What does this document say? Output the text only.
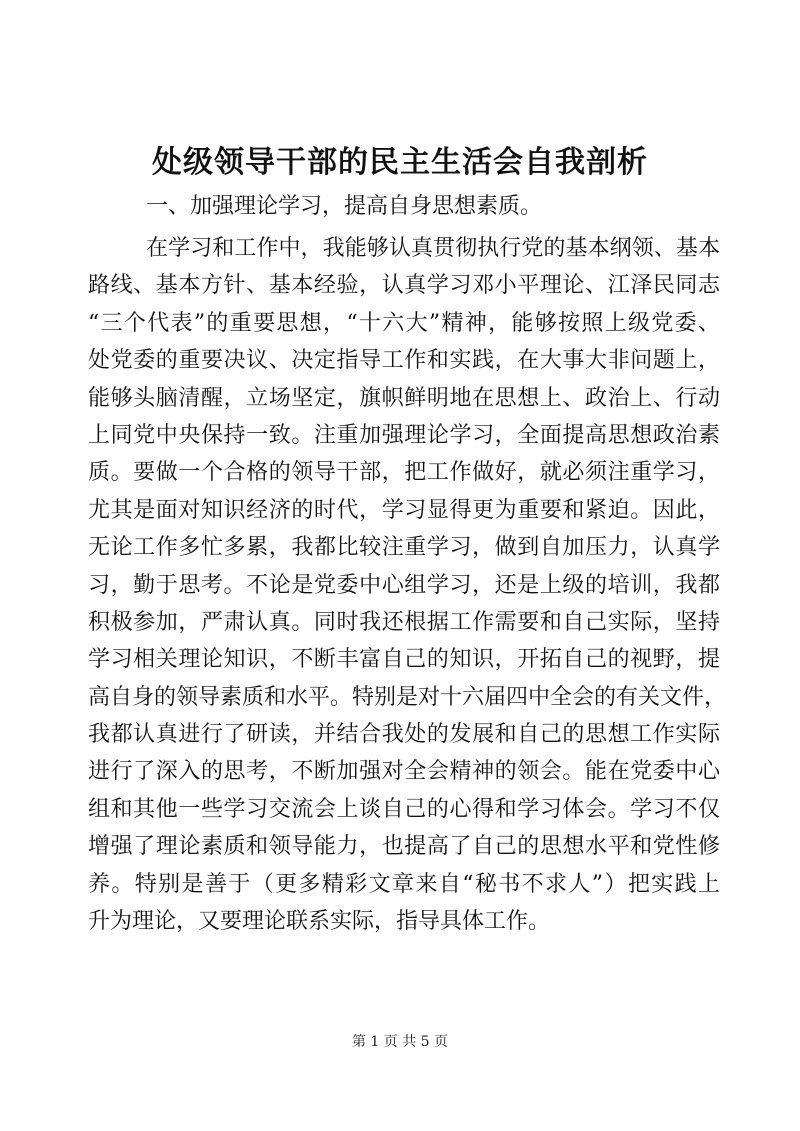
处级领导干部的民主生活会自我剖析

一、加强理论学习，提高自身思想素质。

在学习和工作中，我能够认真贯彻执行党的基本纲领、基本
路线、基本方针、基本经验，认真学习邓小平理论、江泽民同志
“三个代表”的重要思想，“十六大”精神，能够按照上级党委、
处党委的重要决议、决定指导工作和实践，在大事大非问题上，
能够头脑清醒，立场坚定，旗帜鲜明地在思想上、政治上、行动
上同党中央保持一致。注重加强理论学习，全面提高思想政治素
质。要做一个合格的领导干部，把工作做好，就必须注重学习，
尤其是面对知识经济的时代，学习显得更为重要和紧迫。因此，
无论工作多忙多累，我都比较注重学习，做到自加压力，认真学
习，勤于思考。不论是党委中心组学习，还是上级的培训，我都
积极参加，严肃认真。同时我还根据工作需要和自己实际，坚持
学习相关理论知识，不断丰富自己的知识，开拓自己的视野，提
高自身的领导素质和水平。特别是对十六届四中全会的有关文件，
我都认真进行了研读，并结合我处的发展和自己的思想工作实际
进行了深入的思考，不断加强对全会精神的领会。能在党委中心
组和其他一些学习交流会上谈自己的心得和学习体会。学习不仅
增强了理论素质和领导能力，也提高了自己的思想水平和党性修
养。特别是善于（更多精彩文章来自“秘书不求人”）把实践上
升为理论，又要理论联系实际，指导具体工作。
第 1 页 共 5 页
